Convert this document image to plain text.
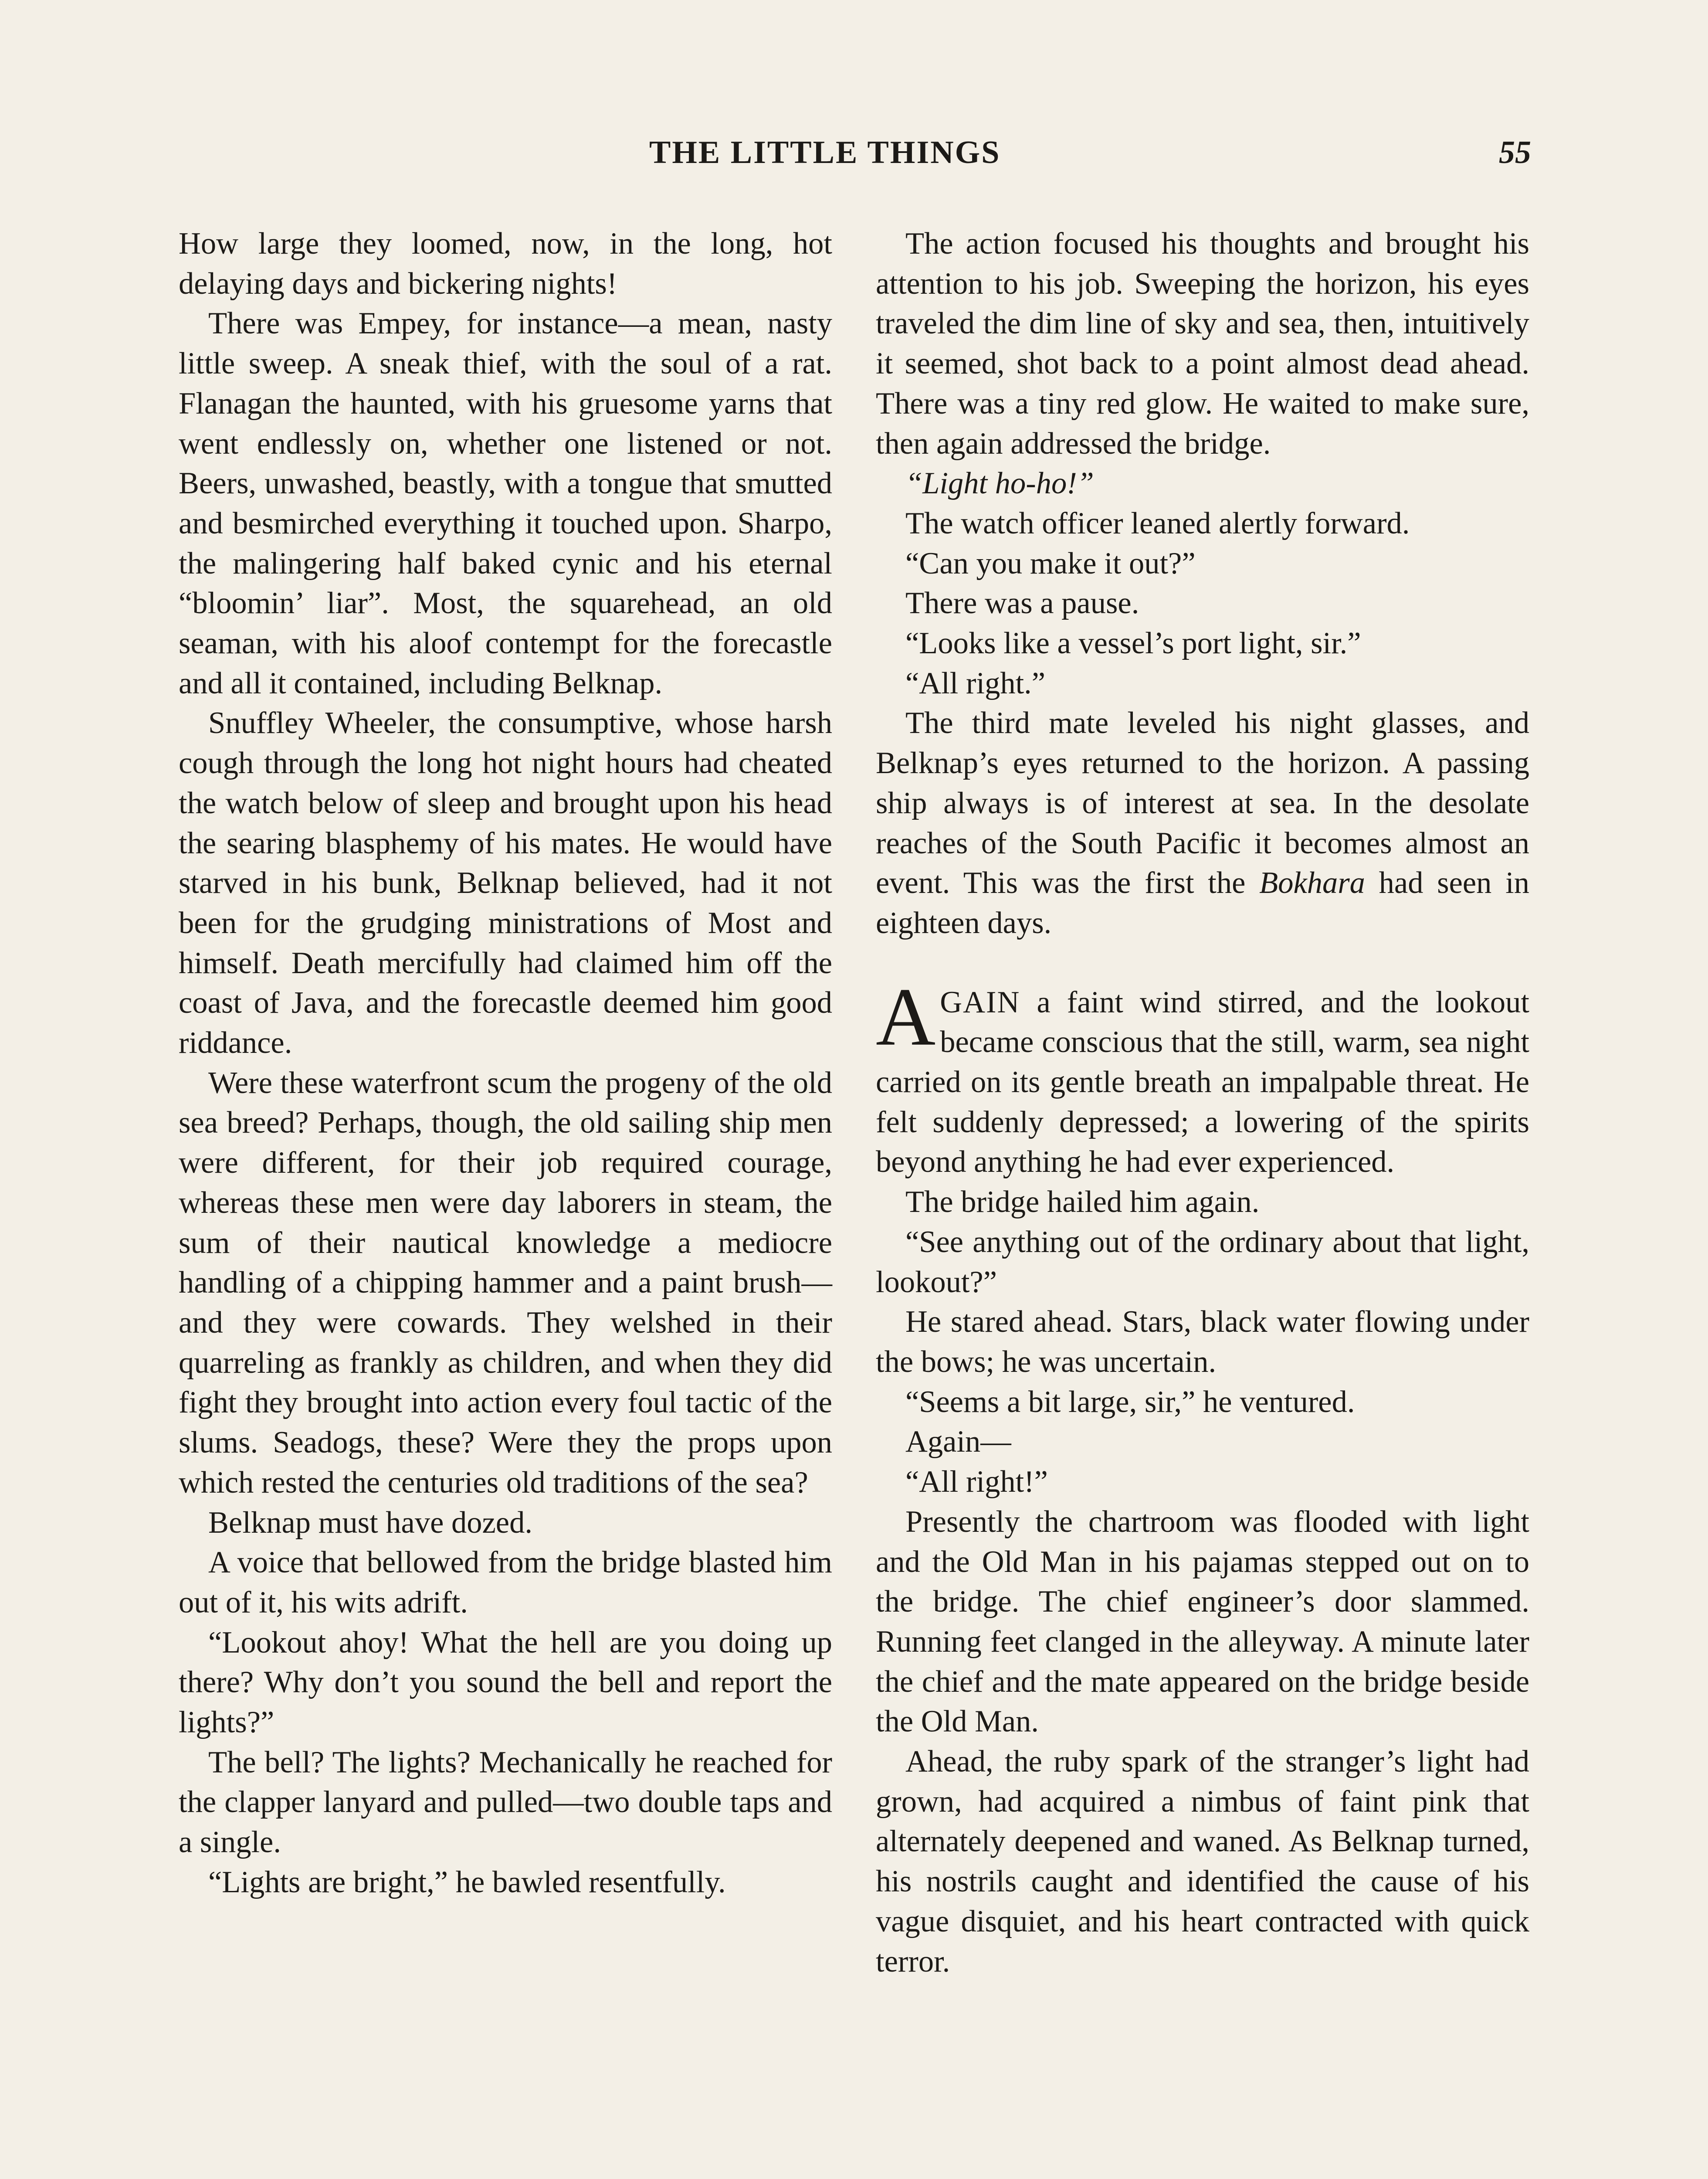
THE LITTLE THINGS	55

How large they loomed, now, in the long, hot delaying days and bickering nights!

There was Empey, for instance—a mean, nasty little sweep. A sneak thief, with the soul of a rat. Flanagan the haunted, with his gruesome yarns that went endlessly on, whether one listened or not. Beers, unwashed, beastly, with a tongue that smutted and besmirched everything it touched upon. Sharpo, the malingering half baked cynic and his eternal “bloomin’ liar”. Most, the squarehead, an old seaman, with his aloof contempt for the forecastle and all it contained, including Belknap.

Snuffley Wheeler, the consumptive, whose harsh cough through the long hot night hours had cheated the watch below of sleep and brought upon his head the searing blasphemy of his mates. He would have starved in his bunk, Belknap believed, had it not been for the grudging ministrations of Most and himself. Death mercifully had claimed him off the coast of Java, and the forecastle deemed him good riddance.

Were these waterfront scum the progeny of the old sea breed? Perhaps, though, the old sailing ship men were different, for their job required courage, whereas these men were day laborers in steam, the sum of their nautical knowledge a mediocre handling of a chipping hammer and a paint brush—and they were cowards. They welshed in their quarreling as frankly as children, and when they did fight they brought into action every foul tactic of the slums. Seadogs, these? Were they the props upon which rested the centuries old traditions of the sea?

Belknap must have dozed.

A voice that bellowed from the bridge blasted him out of it, his wits adrift.

“Lookout ahoy! What the hell are you doing up there? Why don’t you sound the bell and report the lights?”

The bell? The lights? Mechanically he reached for the clapper lanyard and pulled—two double taps and a single.

“Lights are bright,” he bawled resentfully.

The action focused his thoughts and brought his attention to his job. Sweeping the horizon, his eyes traveled the dim line of sky and sea, then, intuitively it seemed, shot back to a point almost dead ahead. There was a tiny red glow. He waited to make sure, then again addressed the bridge.

“Light ho-ho!”

The watch officer leaned alertly forward.

“Can you make it out?”

There was a pause.

“Looks like a vessel’s port light, sir.”

“All right.”

The third mate leveled his night glasses, and Belknap’s eyes returned to the horizon. A passing ship always is of interest at sea. In the desolate reaches of the South Pacific it becomes almost an event. This was the first the Bokhara had seen in eighteen days.

AGAIN a faint wind stirred, and the lookout became conscious that the still, warm, sea night carried on its gentle breath an impalpable threat. He felt suddenly depressed; a lowering of the spirits beyond anything he had ever experienced.

The bridge hailed him again.

“See anything out of the ordinary about that light, lookout?”

He stared ahead. Stars, black water flowing under the bows; he was uncertain.

“Seems a bit large, sir,” he ventured.

Again—

“All right!”

Presently the chartroom was flooded with light and the Old Man in his pajamas stepped out on to the bridge. The chief engineer’s door slammed. Running feet clanged in the alleyway. A minute later the chief and the mate appeared on the bridge beside the Old Man.

Ahead, the ruby spark of the stranger’s light had grown, had acquired a nimbus of faint pink that alternately deepened and waned. As Belknap turned, his nostrils caught and identified the cause of his vague disquiet, and his heart contracted with quick terror.
